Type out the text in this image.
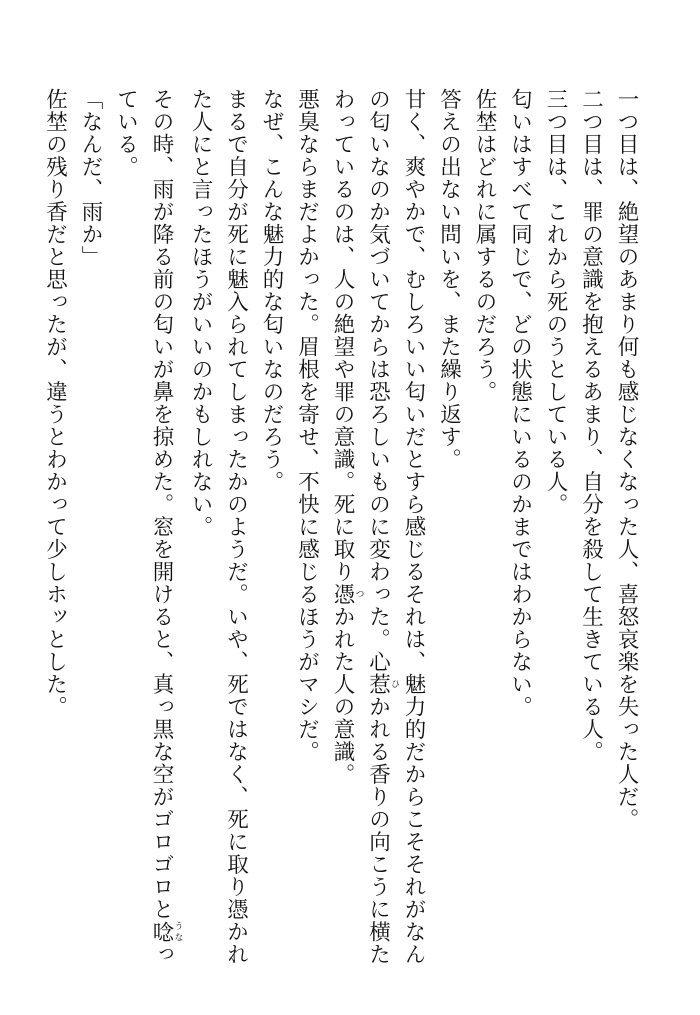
一つ目は、絶望のあまり何も感じなくなった人、喜怒哀楽を失った人だ。

二つ目は、罪の意識を抱えるあまり、自分を殺して生きている人。

三つ目は、これから死のうとしている人。

匂いはすべて同じで、どの状態にいるのかまではわからない。

佐埜はどれに属するのだろう。

答えの出ない問いを、また繰り返す。

甘く、爽やかで、むしろいい匂いだとすら感じるそれは、魅力的だからこそそれがなんの匂いなのか気づいてからは恐ろしいものに変わった。心惹ひかれる香りの向こうに横たわっているのは、人の絶望や罪の意識。死に取り憑つかれた人の意識。

悪臭ならまだよかった。眉根を寄せ、不快に感じるほうがマシだ。

なぜ、こんな魅力的な匂いなのだろう。

まるで自分が死に魅入られてしまったかのようだ。いや、死ではなく、死に取り憑かれた人にと言ったほうがいいのかもしれない。

その時、雨が降る前の匂いが鼻を掠めた。窓を開けると、真っ黒な空がゴロゴロと唸うなっている。

「なんだ、雨か」

佐埜の残り香だと思ったが、違うとわかって少しホッとした。
